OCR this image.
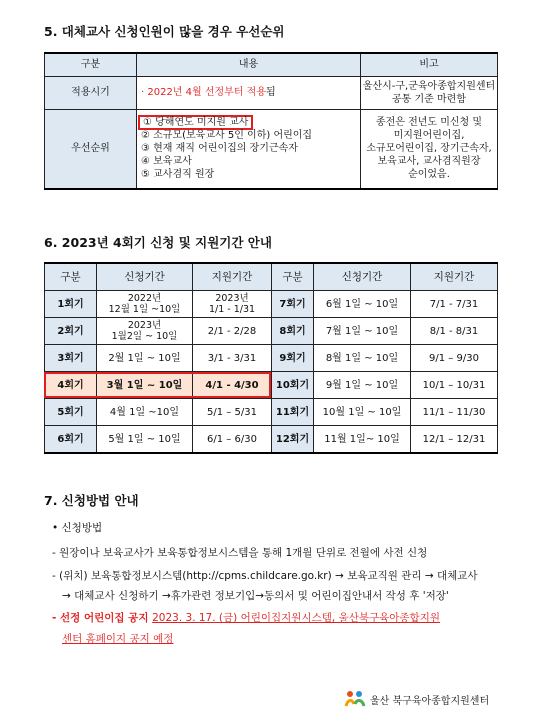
5. 대체교사 신청인원이 많을 경우 우선순위
구분	내용	비고
적용시기	· 2022년 4월 선정부터 적용됨	울산시-구,군육아종합지원센터
공통 기준 마련함

우선순위	① 당해연도 미지원 교사
② 소규모(보육교사 5인 이하) 어린이집
③ 현재 재직 어린이집의 장기근속자
④ 보육교사
⑤ 교사겸직 원장	종전은 전년도 미신청 및
미지원어린이집,
소규모어린이집, 장기근속자,
보육교사, 교사겸직원장
순이었음.
6. 2023년 4회기 신청 및 지원기간 안내
구분	신청기간	지원기간	구분	신청기간	지원기간
1회기	2022년
12월 1일 ~10일	2023년
1/1 - 1/31	7회기	6월 1일 ~ 10일	7/1 - 7/31
2회기	2023년
1월2일 ~ 10일	2/1 - 2/28	8회기	7월 1일 ~ 10일	8/1 - 8/31
3회기	2월 1일 ~ 10일	3/1 - 3/31	9회기	8월 1일 ~ 10일	9/1 – 9/30
4회기	3월 1일 ~ 10일	4/1 - 4/30	10회기	9월 1일 ~ 10일	10/1 – 10/31
5회기	4월 1일 ~10일	5/1 – 5/31	11회기	10월 1일 ~ 10일	11/1 – 11/30
6회기	5월 1일 ~ 10일	6/1 – 6/30	12회기	11월 1일~ 10일	12/1 – 12/31
7. 신청방법 안내
• 신청방법
- 원장이나 보육교사가 보육통합정보시스템을 통해 1개월 단위로 전월에 사전 신청
- (위치) 보육통합정보시스템(http://cpms.childcare.go.kr) → 보육교직원 관리 → 대체교사
→ 대체교사 신청하기 →휴가관련 정보기입→동의서 및 어린이집안내서 작성 후 '저장'
- 선정 어린이집 공지 2023. 3. 17. (금) 어린이집지원시스템, 울산북구육아종합지원
센터 홈페이지 공지 예정
울산 북구육아종합지원센터
